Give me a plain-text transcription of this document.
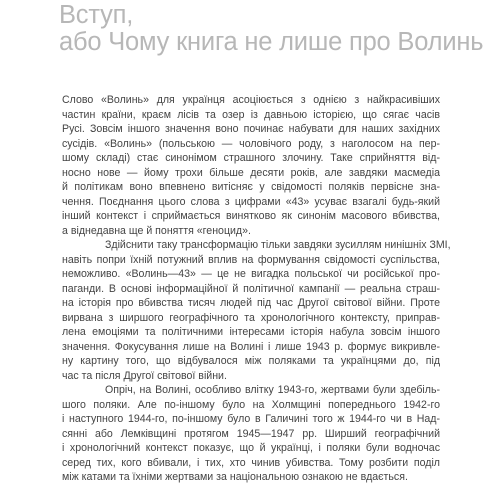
Вступ,
або Чому книга не лише про Волинь
Слово «Волинь» для українця асоціюється з однією з найкрасивіших
частин країни, краєм лісів та озер із давньою історією, що сягає часів
Русі. Зовсім іншого значення воно починає набувати для наших західних
сусідів. «Волинь» (польською — чоловічого роду, з наголосом на пер-
шому складі) стає синонімом страшного злочину. Таке сприйняття від-
носно нове — йому трохи більше десяти років, але завдяки масмедіа
й політикам воно впевнено витісняє у свідомості поляків первісне зна-
чення. Поєднання цього слова з цифрами «43» усуває взагалі будь-який
інший контекст і сприймається винятково як синонім масового вбивства,
а віднедавна ще й поняття «геноцид».
Здійснити таку трансформацію тільки завдяки зусиллям нинішніх ЗМІ,
навіть попри їхній потужний вплив на формування свідомості суспільства,
неможливо. «Волинь—43» — це не вигадка польської чи російської про-
паганди. В основі інформаційної й політичної кампанії — реальна страш-
на історія про вбивства тисяч людей під час Другої світової війни. Проте
вирвана з ширшого географічного та хронологічного контексту, приправ-
лена емоціями та політичними інтересами історія набула зовсім іншого
значення. Фокусування лише на Волині і лише 1943 р. формує викривле-
ну картину того, що відбувалося між поляками та українцями до, під
час та після Другої світової війни.
Опріч, на Волині, особливо влітку 1943-го, жертвами були здебіль-
шого поляки. Але по-іншому було на Холмщині попереднього 1942-го
і наступного 1944-го, по-іншому було в Галичині того ж 1944-го чи в Над-
сянні або Лемківщині протягом 1945—1947 рр. Ширший географічний
і хронологічний контекст показує, що й українці, і поляки були водночас
серед тих, кого вбивали, і тих, хто чинив убивства. Тому розбити поділ
між катами та їхніми жертвами за національною ознакою не вдається.
